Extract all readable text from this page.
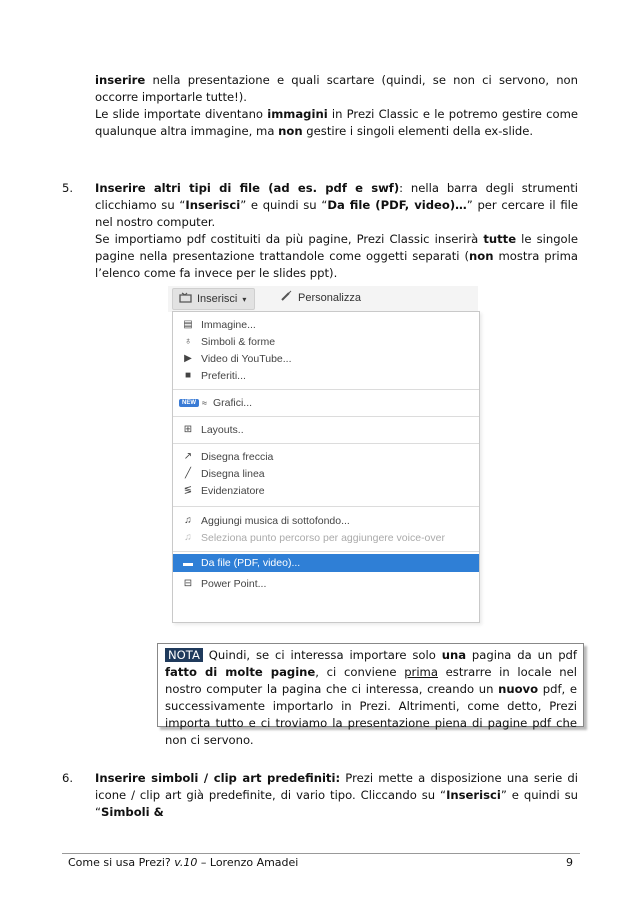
inserire nella presentazione e quali scartare (quindi, se non ci servono, non occorre importarle tutte!).
Le slide importate diventano immagini in Prezi Classic e le potremo gestire come qualunque altra immagine, ma non gestire i singoli elementi della ex-slide.

5. Inserire altri tipi di file (ad es. pdf e swf): nella barra degli strumenti clicchiamo su “Inserisci” e quindi su “Da file (PDF, video)…” per cercare il file nel nostro computer.
Se importiamo pdf costituiti da più pagine, Prezi Classic inserirà tutte le singole pagine nella presentazione trattandole come oggetti separati (non mostra prima l’elenco come fa invece per le slides ppt).

Inserisci ▾	Personalizza
▤ Immagine...
♁ Simboli & forme
▶ Video di YouTube...
■ Preferiti...
NEW ≈ Grafici...
⊞ Layouts..
↗ Disegna freccia
╱ Disegna linea
≶ Evidenziatore
♫ Aggiungi musica di sottofondo...
♫ Seleziona punto percorso per aggiungere voice-over
▬ Da file (PDF, video)...
⊟ Power Point...

NOTA Quindi, se ci interessa importare solo una pagina da un pdf fatto di molte pagine, ci conviene prima estrarre in locale nel nostro computer la pagina che ci interessa, creando un nuovo pdf, e successivamente importarlo in Prezi. Altrimenti, come detto, Prezi importa tutto e ci troviamo la presentazione piena di pagine pdf che non ci servono.

6. Inserire simboli / clip art predefiniti: Prezi mette a disposizione una serie di icone / clip art già predefinite, di vario tipo. Cliccando su “Inserisci” e quindi su “Simboli &

Come si usa Prezi? v.10 – Lorenzo Amadei	9
